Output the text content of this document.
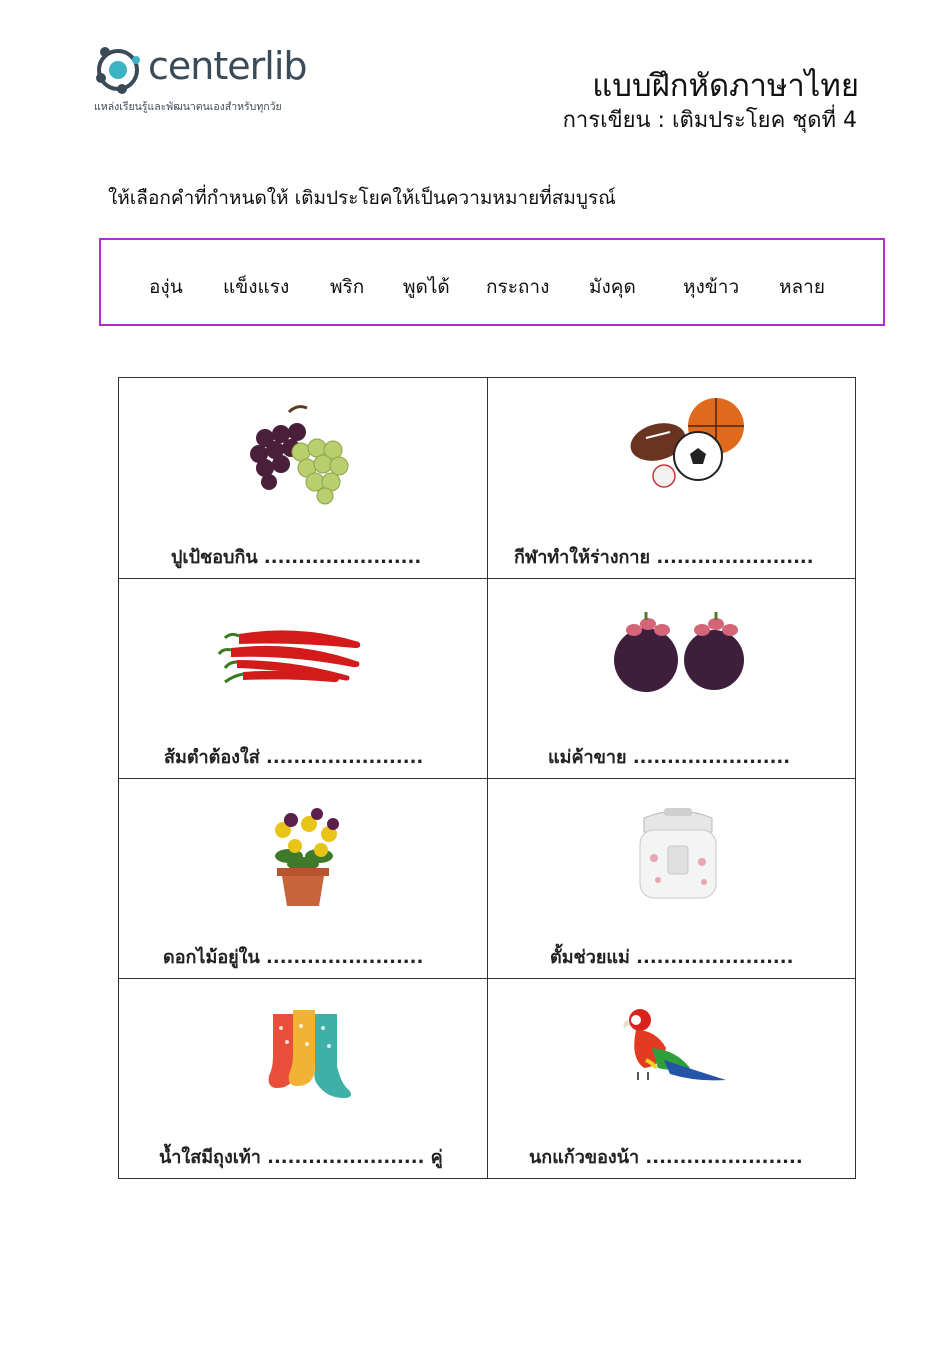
centerlib
แหล่งเรียนรู้และพัฒนาตนเองสำหรับทุกวัย
แบบฝึกหัดภาษาไทย
การเขียน : เติมประโยค ชุดที่ 4
ให้เลือกคำที่กำหนดให้ เติมประโยคให้เป็นความหมายที่สมบูรณ์
องุ่น แข็งแรง พริก พูดได้ กระถาง มังคุด หุงข้าว หลาย
ปูเป้ชอบกิน .......................	กีฬาทำให้ร่างกาย .......................
ส้มตำต้องใส่ .......................	แม่ค้าขาย .......................
ดอกไม้อยู่ใน .......................	ตั้มช่วยแม่ .......................
น้ำใสมีถุงเท้า ....................... คู่	นกแก้วของน้า .......................
